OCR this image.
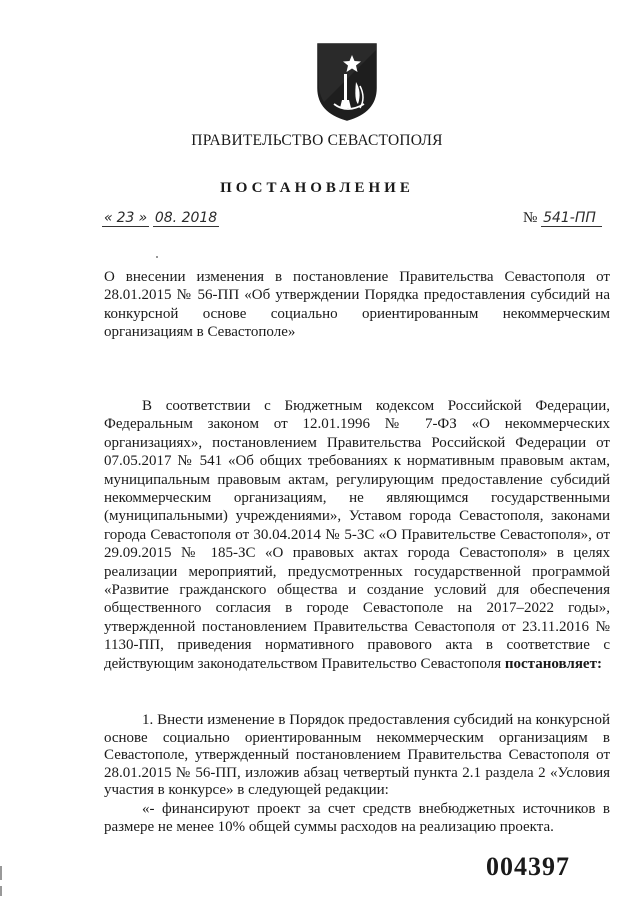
ПРАВИТЕЛЬСТВО СЕВАСТОПОЛЯ
ПОСТАНОВЛЕНИЕ
« 23 » 08. 2018	№ 541-ПП
О внесении изменения в постановление Правительства Севастополя от 28.01.2015 № 56-ПП «Об утверждении Порядка предоставления субсидий на конкурсной основе социально ориентированным некоммерческим организациям в Севастополе»
В соответствии с Бюджетным кодексом Российской Федерации, Федеральным законом от 12.01.1996 № 7-ФЗ «О некоммерческих организациях», постановлением Правительства Российской Федерации от 07.05.2017 № 541 «Об общих требованиях к нормативным правовым актам, муниципальным правовым актам, регулирующим предоставление субсидий некоммерческим организациям, не являющимся государственными (муниципальными) учреждениями», Уставом города Севастополя, законами города Севастополя от 30.04.2014 № 5-ЗС «О Правительстве Севастополя», от 29.09.2015 № 185-ЗС «О правовых актах города Севастополя» в целях реализации мероприятий, предусмотренных государственной программой «Развитие гражданского общества и создание условий для обеспечения общественного согласия в городе Севастополе на 2017–2022 годы», утвержденной постановлением Правительства Севастополя от 23.11.2016 № 1130-ПП, приведения нормативного правового акта в соответствие с действующим законодательством Правительство Севастополя постановляет:
1. Внести изменение в Порядок предоставления субсидий на конкурсной основе социально ориентированным некоммерческим организациям в Севастополе, утвержденный постановлением Правительства Севастополя от 28.01.2015 № 56-ПП, изложив абзац четвертый пункта 2.1 раздела 2 «Условия участия в конкурсе» в следующей редакции:
«- финансируют проект за счет средств внебюджетных источников в размере не менее 10% общей суммы расходов на реализацию проекта.
004397
